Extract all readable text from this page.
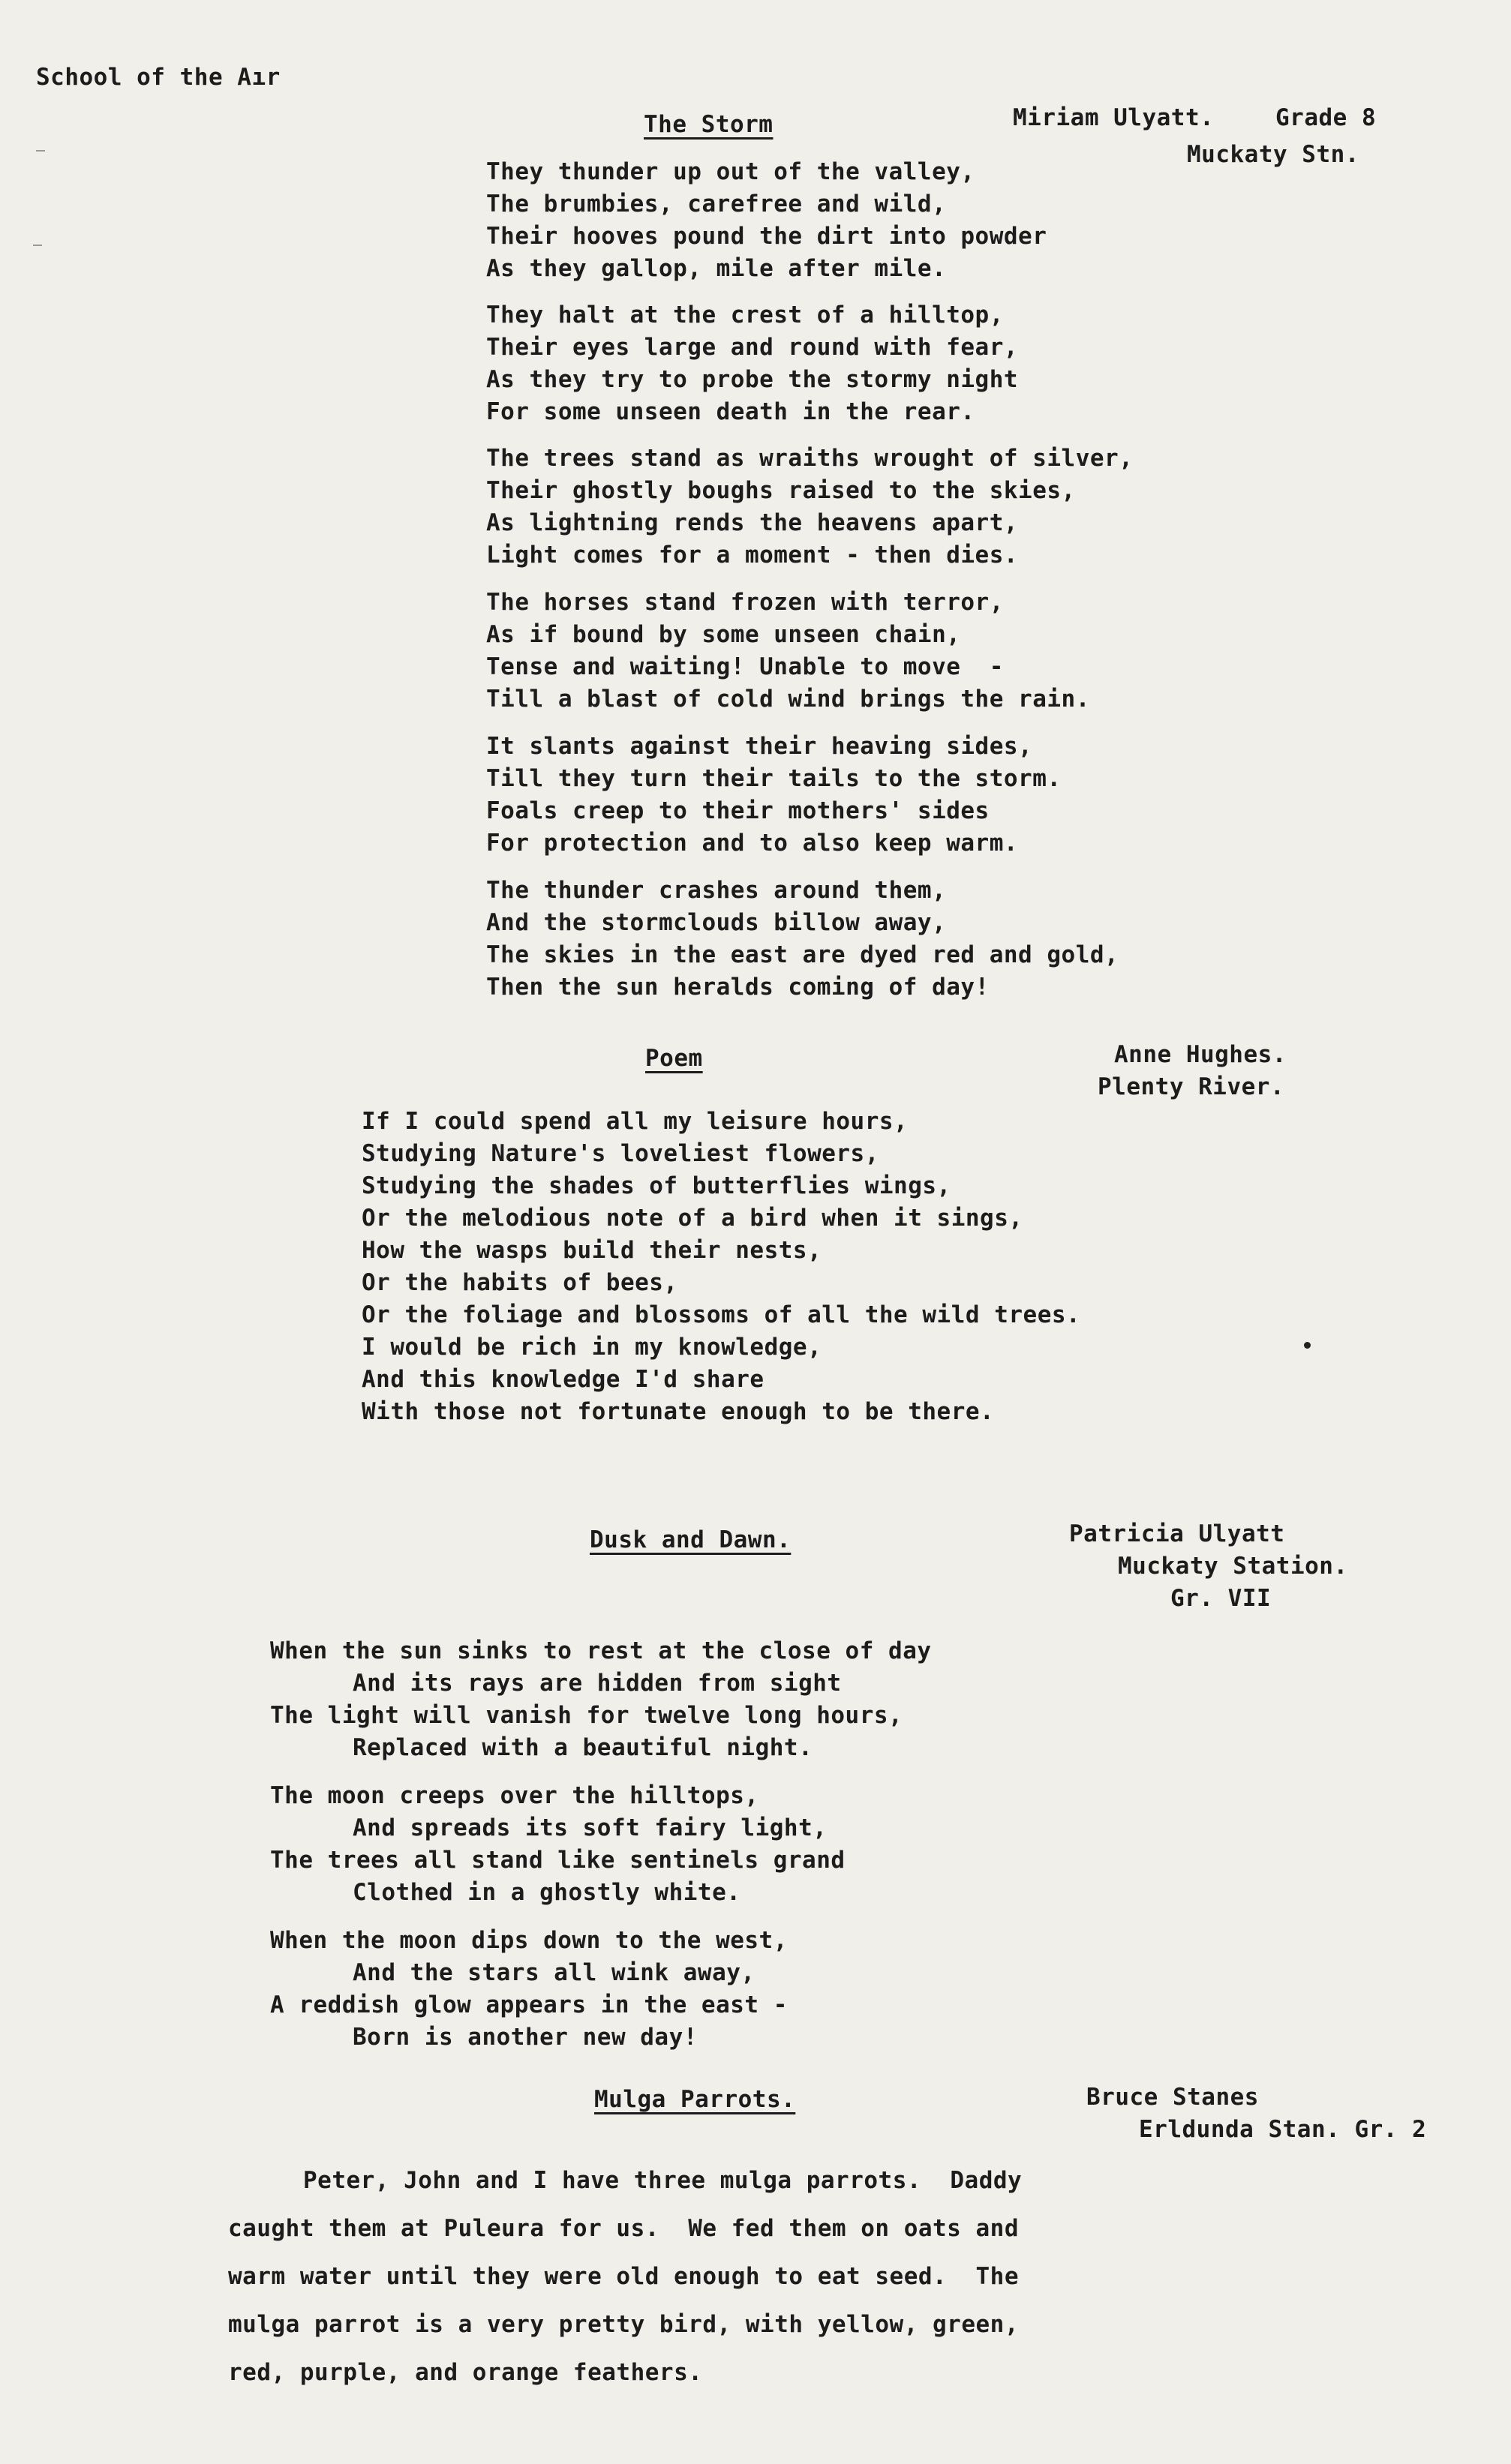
School of the Aır
The Storm	Miriam Ulyatt.	Grade 8
Muckaty Stn.
They thunder up out of the valley,
The brumbies, carefree and wild,
Their hooves pound the dirt into powder
As they gallop, mile after mile.
They halt at the crest of a hilltop,
Their eyes large and round with fear,
As they try to probe the stormy night
For some unseen death in the rear.
The trees stand as wraiths wrought of silver,
Their ghostly boughs raised to the skies,
As lightning rends the heavens apart,
Light comes for a moment - then dies.
The horses stand frozen with terror,
As if bound by some unseen chain,
Tense and waiting! Unable to move  -
Till a blast of cold wind brings the rain.
It slants against their heaving sides,
Till they turn their tails to the storm.
Foals creep to their mothers' sides
For protection and to also keep warm.
The thunder crashes around them,
And the stormclouds billow away,
The skies in the east are dyed red and gold,
Then the sun heralds coming of day!
Poem	Anne Hughes.
Plenty River.
If I could spend all my leisure hours,
Studying Nature's loveliest flowers,
Studying the shades of butterflies wings,
Or the melodious note of a bird when it sings,
How the wasps build their nests,
Or the habits of bees,
Or the foliage and blossoms of all the wild trees.
I would be rich in my knowledge,
And this knowledge I'd share
With those not fortunate enough to be there.
Dusk and Dawn.	Patricia Ulyatt
Muckaty Station.
Gr. VII
When the sun sinks to rest at the close of day
And its rays are hidden from sight
The light will vanish for twelve long hours,
Replaced with a beautiful night.
The moon creeps over the hilltops,
And spreads its soft fairy light,
The trees all stand like sentinels grand
Clothed in a ghostly white.
When the moon dips down to the west,
And the stars all wink away,
A reddish glow appears in the east -
Born is another new day!
Mulga Parrots.	Bruce Stanes
Erldunda Stan. Gr. 2
Peter, John and I have three mulga parrots.  Daddy
caught them at Puleura for us.  We fed them on oats and
warm water until they were old enough to eat seed.  The
mulga parrot is a very pretty bird, with yellow, green,
red, purple, and orange feathers.
